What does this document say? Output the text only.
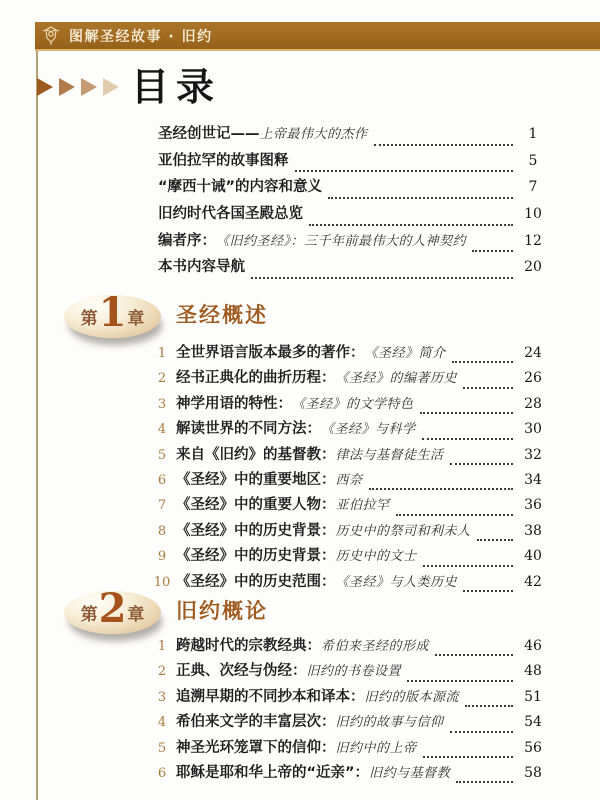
图解圣经故事 · 旧约
目录
圣经创世记—— 上帝最伟大的杰作	1
亚伯拉罕的故事图释	5
“摩西十诫”的内容和意义	7
旧约时代各国圣殿总览	10
编者序： 《旧约圣经》：三千年前最伟大的人神契约	12
本书内容导航	20
第 1 章 圣经概述
1 全世界语言版本最多的著作： 《圣经》简介	24
2 经书正典化的曲折历程： 《圣经》的编著历史	26
3 神学用语的特性： 《圣经》的文学特色	28
4 解读世界的不同方法： 《圣经》与科学	30
5 来自《旧约》的基督教： 律法与基督徒生活	32
6 《圣经》中的重要地区： 西奈	34
7 《圣经》中的重要人物： 亚伯拉罕	36
8 《圣经》中的历史背景： 历史中的祭司和利未人	38
9 《圣经》中的历史背景： 历史中的文士	40
10 《圣经》中的历史范围： 《圣经》与人类历史	42
第 2 章 旧约概论
1 跨越时代的宗教经典： 希伯来圣经的形成	46
2 正典、次经与伪经： 旧约的书卷设置	48
3 追溯早期的不同抄本和译本： 旧约的版本源流	51
4 希伯来文学的丰富层次： 旧约的故事与信仰	54
5 神圣光环笼罩下的信仰： 旧约中的上帝	56
6 耶稣是耶和华上帝的“近亲”： 旧约与基督教	58
